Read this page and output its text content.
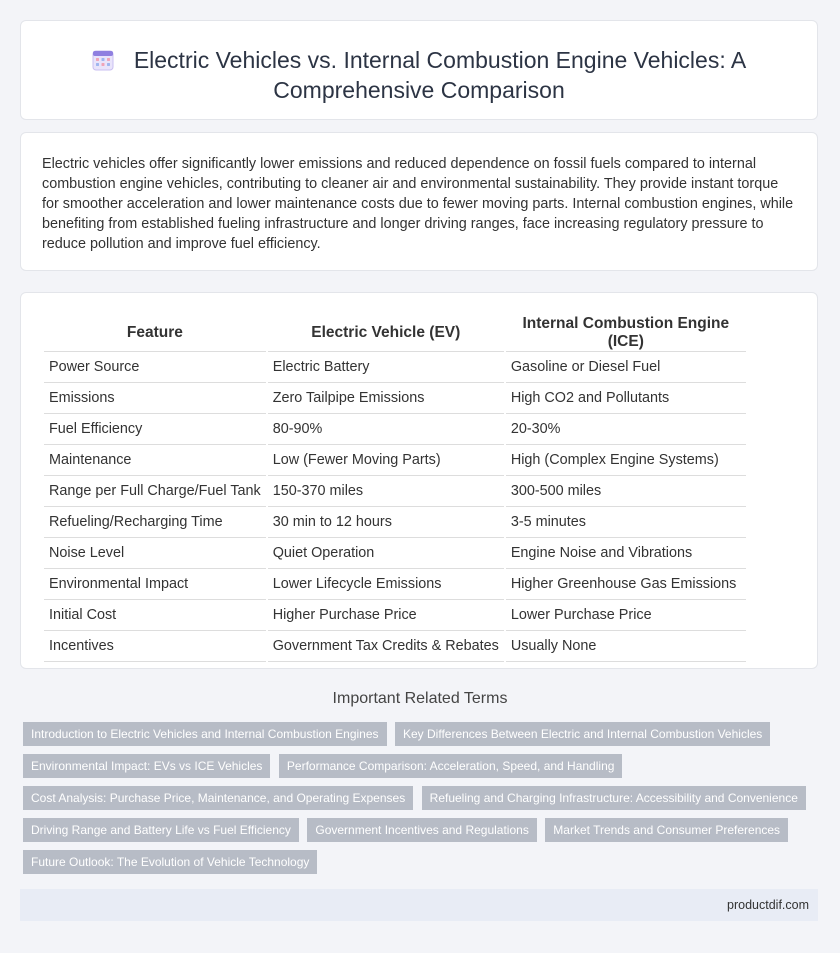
Electric Vehicles vs. Internal Combustion Engine Vehicles: A Comprehensive Comparison

Electric vehicles offer significantly lower emissions and reduced dependence on fossil fuels compared to internal combustion engine vehicles, contributing to cleaner air and environmental sustainability. They provide instant torque for smoother acceleration and lower maintenance costs due to fewer moving parts. Internal combustion engines, while benefiting from established fueling infrastructure and longer driving ranges, face increasing regulatory pressure to reduce pollution and improve fuel efficiency.

Feature	Electric Vehicle (EV)	Internal Combustion Engine (ICE)
Power Source	Electric Battery	Gasoline or Diesel Fuel
Emissions	Zero Tailpipe Emissions	High CO2 and Pollutants
Fuel Efficiency	80-90%	20-30%
Maintenance	Low (Fewer Moving Parts)	High (Complex Engine Systems)
Range per Full Charge/Fuel Tank	150-370 miles	300-500 miles
Refueling/Recharging Time	30 min to 12 hours	3-5 minutes
Noise Level	Quiet Operation	Engine Noise and Vibrations
Environmental Impact	Lower Lifecycle Emissions	Higher Greenhouse Gas Emissions
Initial Cost	Higher Purchase Price	Lower Purchase Price
Incentives	Government Tax Credits & Rebates	Usually None
Important Related Terms
Introduction to Electric Vehicles and Internal Combustion Engines Key Differences Between Electric and Internal Combustion Vehicles Environmental Impact: EVs vs ICE Vehicles Performance Comparison: Acceleration, Speed, and Handling Cost Analysis: Purchase Price, Maintenance, and Operating Expenses Refueling and Charging Infrastructure: Accessibility and Convenience Driving Range and Battery Life vs Fuel Efficiency Government Incentives and Regulations Market Trends and Consumer Preferences Future Outlook: The Evolution of Vehicle Technology
productdif.com
